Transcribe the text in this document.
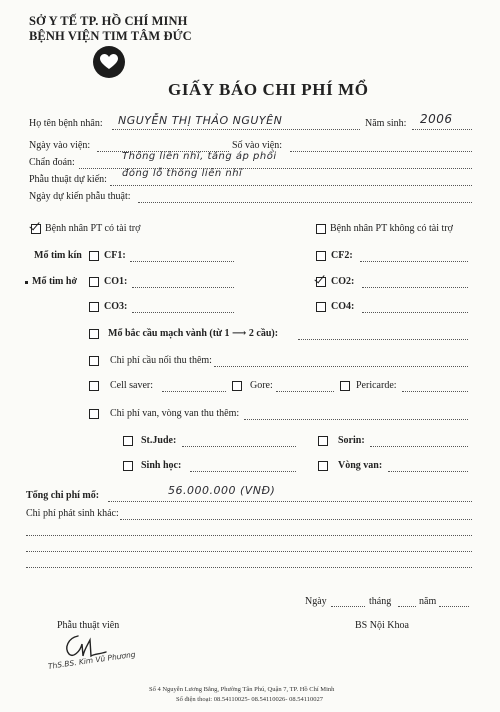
SỞ Y TẾ TP. HỒ CHÍ MINH
BỆNH VIỆN TIM TÂM ĐỨC
GIẤY BÁO CHI PHÍ MỔ
Họ tên bệnh nhân: NGUYỄN THỊ THẢO NGUYÊN	Năm sinh: 2006
Ngày vào viện:	Số vào viện:
Chẩn đoán:
Thông liên nhĩ, tăng áp phổi
Phẫu thuật dự kiến:
đóng lỗ thông liên nhĩ
Ngày dự kiến phẫu thuật:
Bệnh nhân PT có tài trợ	Bệnh nhân PT không có tài trợ
Mổ tim kín CF1:	CF2:
Mổ tim hở	CO1:	CO2:
CO3:	CO4:
Mổ bắc cầu mạch vành (từ 1 ⟶ 2 cầu):
Chi phí cầu nối thu thêm:
Cell saver:	Gore:	Pericarde:
Chi phí van, vòng van thu thêm:
St.Jude:	Sorin:
Sinh học:	Vòng van:
Tổng chi phí mổ:	56.000.000 (VNĐ)
Chi phí phát sinh khác:
Ngày	tháng	năm
Phẫu thuật viên	BS Nội Khoa
ThS.BS. Kim Vũ Phương
Số 4 Nguyễn Lương Bằng, Phường Tân Phú, Quận 7, TP. Hồ Chí Minh
Số điện thoại: 08.54110025- 08.54110026- 08.54110027
